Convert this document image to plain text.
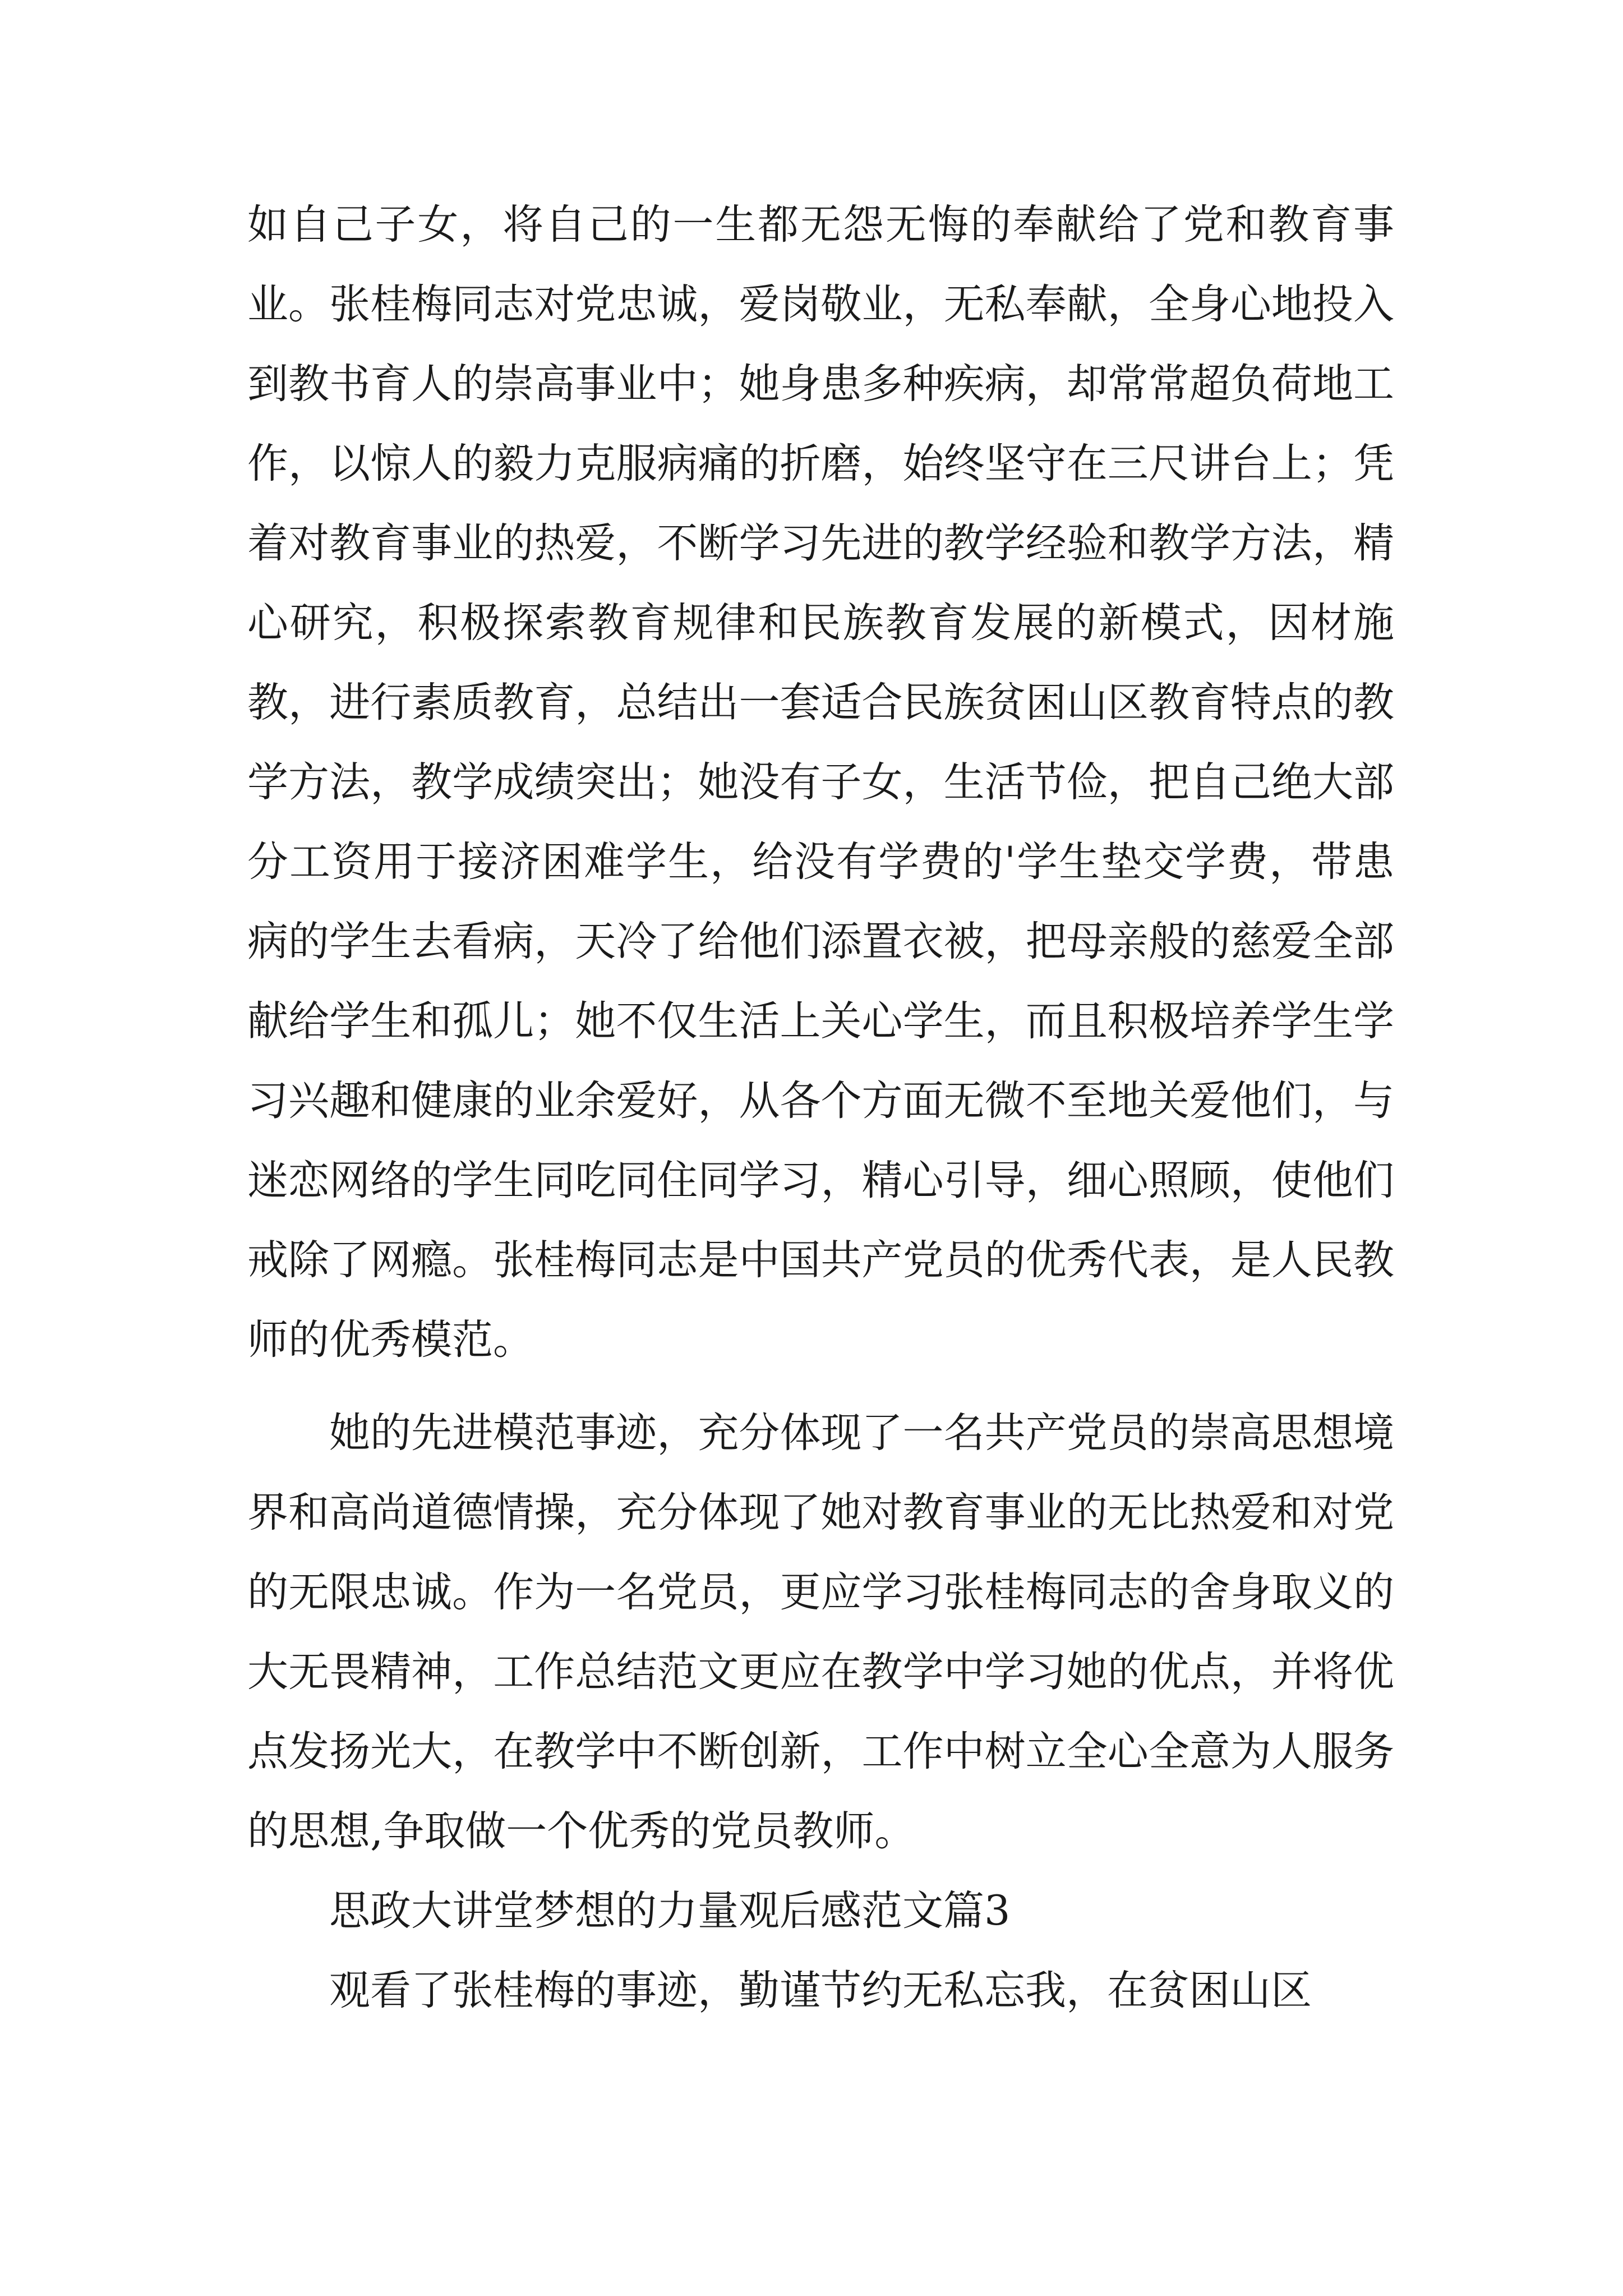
如自己子女，将自己的一生都无怨无悔的奉献给了党和教育事业。张桂梅同志对党忠诚，爱岗敬业，无私奉献，全身心地投入到教书育人的崇高事业中；她身患多种疾病，却常常超负荷地工作，以惊人的毅力克服病痛的折磨，始终坚守在三尺讲台上；凭着对教育事业的热爱，不断学习先进的教学经验和教学方法，精心研究，积极探索教育规律和民族教育发展的新模式，因材施教，进行素质教育，总结出一套适合民族贫困山区教育特点的教学方法，教学成绩突出；她没有子女，生活节俭，把自己绝大部分工资用于接济困难学生，给没有学费的'学生垫交学费，带患病的学生去看病，天冷了给他们添置衣被，把母亲般的慈爱全部献给学生和孤儿；她不仅生活上关心学生，而且积极培养学生学习兴趣和健康的业余爱好，从各个方面无微不至地关爱他们，与迷恋网络的学生同吃同住同学习，精心引导，细心照顾，使他们戒除了网瘾。张桂梅同志是中国共产党员的优秀代表，是人民教师的优秀模范。

她的先进模范事迹，充分体现了一名共产党员的崇高思想境界和高尚道德情操，充分体现了她对教育事业的无比热爱和对党的无限忠诚。作为一名党员，更应学习张桂梅同志的舍身取义的大无畏精神，工作总结范文更应在教学中学习她的优点，并将优点发扬光大，在教学中不断创新，工作中树立全心全意为人服务的思想,争取做一个优秀的党员教师。

思政大讲堂梦想的力量观后感范文篇3

观看了张桂梅的事迹，勤谨节约无私忘我，在贫困山区
